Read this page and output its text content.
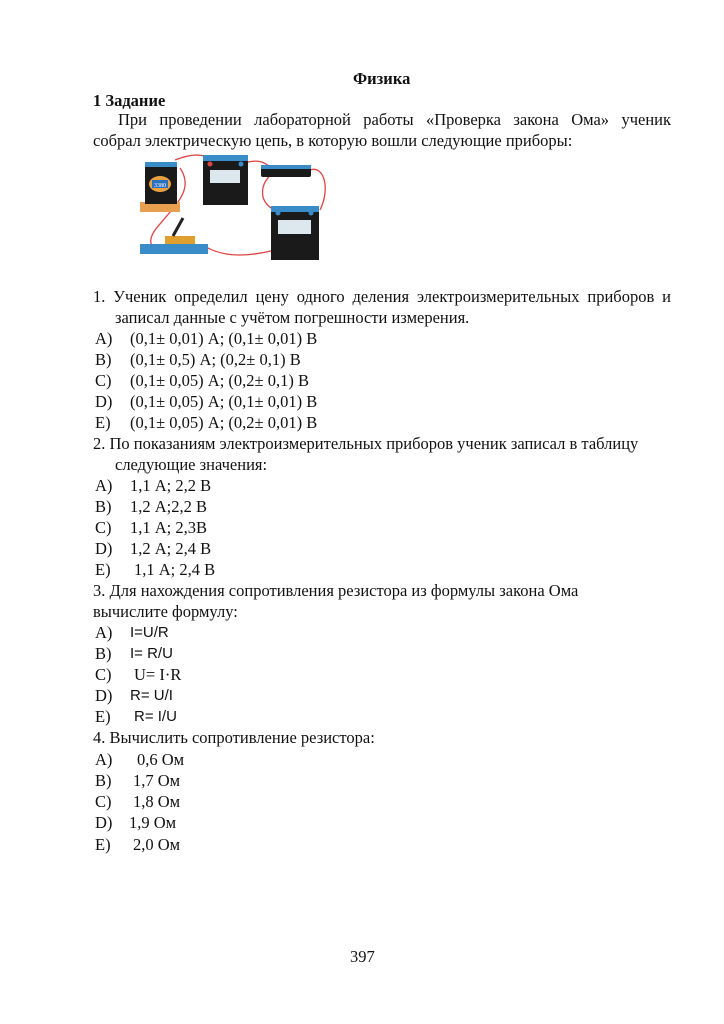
Физика
1 Задание
При проведении лабораторной работы «Проверка закона Ома» ученик
собрал электрическую цепь, в которую вошли следующие приборы:
3380
1. Ученик определил цену одного деления электроизмерительных приборов и
записал данные с учётом погрешности измерения.
A) (0,1± 0,01) А; (0,1± 0,01) В
B) (0,1± 0,5) А; (0,2± 0,1) В
C) (0,1± 0,05) А; (0,2± 0,1) В
D) (0,1± 0,05) А; (0,1± 0,01) В
E) (0,1± 0,05) А; (0,2± 0,01) В
2. По показаниям электроизмерительных приборов ученик записал в таблицу
следующие значения:
A) 1,1 А; 2,2 В
B) 1,2 А;2,2 В
C) 1,1 А; 2,3В
D) 1,2 А; 2,4 В
E) 1,1 А; 2,4 В
3. Для нахождения сопротивления резистора из формулы закона Ома
вычислите формулу:
A) I=U/R
B) I= R/U
C) U= I·R
D) R= U/I
E) R= I/U
4. Вычислить сопротивление резистора:
A) 0,6 Ом
B) 1,7 Ом
C) 1,8 Ом
D) 1,9 Ом
E) 2,0 Ом
397
